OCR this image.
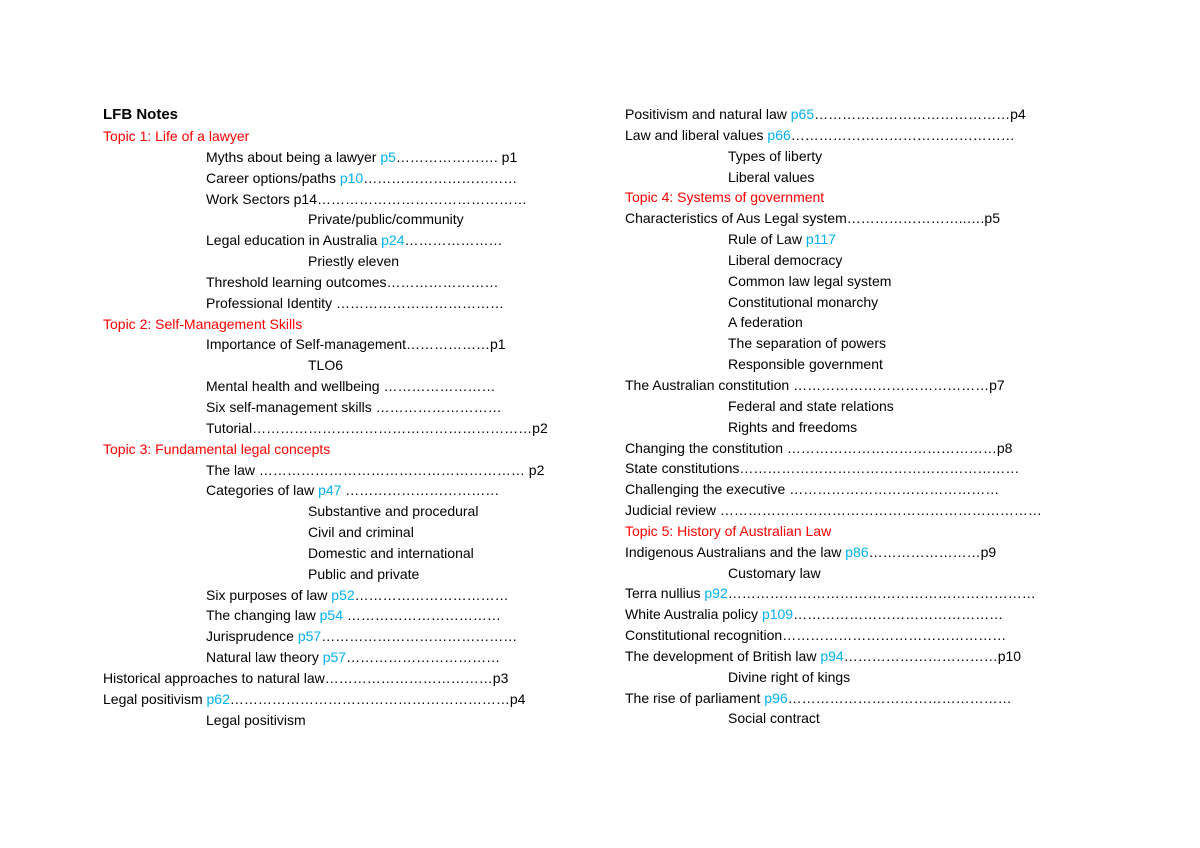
LFB Notes
Topic 1: Life of a lawyer
Myths about being a lawyer p5…………………. p1
Career options/paths p10……………………………
Work Sectors p14………………………………………
Private/public/community
Legal education in Australia p24…………………
Priestly eleven
Threshold learning outcomes……………………
Professional Identity ………………………………
Topic 2: Self-Management Skills
Importance of Self-management………………p1
TLO6
Mental health and wellbeing ……………………
Six self-management skills ………………………
Tutorial……………………………………………………p2
Topic 3: Fundamental legal concepts
The law ………………………………………………… p2
Categories of law p47 ……………………………
Substantive and procedural
Civil and criminal
Domestic and international
Public and private
Six purposes of law p52……………………………
The changing law p54 ……………………………
Jurisprudence p57……………………………………
Natural law theory p57……………………………
Historical approaches to natural law………………………………p3
Legal positivism p62……………………………………………………p4
Legal positivism
Positivism and natural law p65……………………………………p4
Law and liberal values p66…………………………………………
Types of liberty
Liberal values
Topic 4: Systems of government
Characteristics of Aus Legal system……………………..….p5
Rule of Law p117
Liberal democracy
Common law legal system
Constitutional monarchy
A federation
The separation of powers
Responsible government
The Australian constitution ……………………………………p7
Federal and state relations
Rights and freedoms
Changing the constitution ………………………………………p8
State constitutions……………………………………………………
Challenging the executive ………………………………………
Judicial review ……………………………………………………………
Topic 5: History of Australian Law
Indigenous Australians and the law p86……………………p9
Customary law
Terra nullius p92…………………………………………………………
White Australia policy p109………………………………………
Constitutional recognition…………………………………………
The development of British law p94……………………………p10
Divine right of kings
The rise of parliament p96…………………………………………
Social contract
